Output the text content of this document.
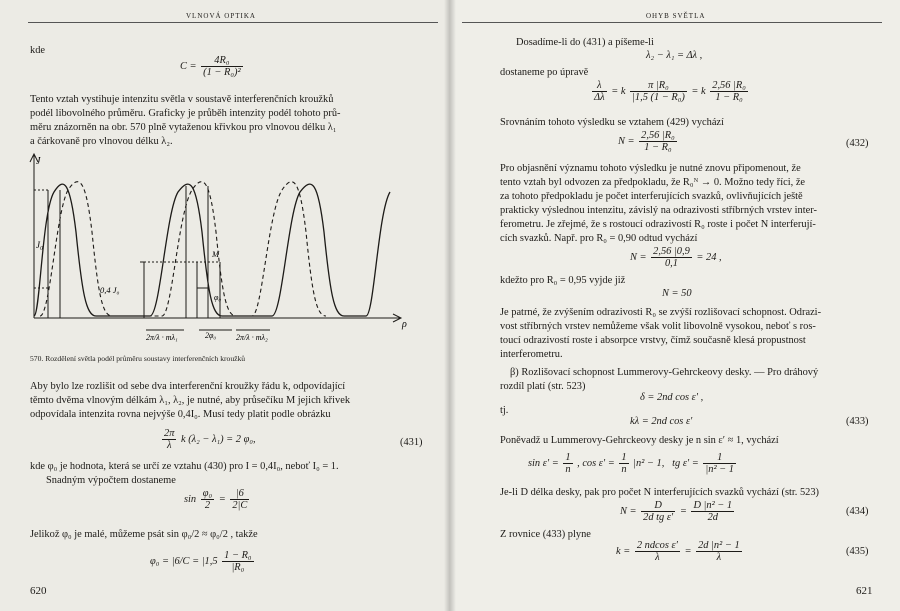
VLNOVÁ OPTIKA
kde
$C = \frac{\text{4R₀}}{\text{(1 − R₀)²}}$
Tento vztah vystihuje intenzitu světla v soustavě interferenčních kroužků
podél libovolného průměru. Graficky je průběh intenzity podél tohoto prů-
měru znázorněn na obr. 570 plně vytaženou křivkou pro vlnovou délku λ₁
a čárkovaně pro vlnovou délku λ₂.
J
ρ
J₀
0,4 J₀
M
φ₀
2π/λ · mλ₁	2φ₀ 2π/λ · mλ₂
570. Rozdělení světla podél průměru soustavy interferenčních kroužků
Aby bylo lze rozlišit od sebe dva interferenční kroužky řádu k, odpovídající
těmto dvěma vlnovým délkám λ₁, λ₂, je nutné, aby průsečíku M jejich křivek
odpovídala intenzita rovna nejvýše 0,4I₀. Musí tedy platit podle obrázku
$\frac{2\pi}{\lambda}$ k (λ₂ − λ₁) = 2 φ₀,	(431)
kde φ₀ je hodnota, která se určí ze vztahu (430) pro I = 0,4I₀, neboť I₀ = 1.
Snadným výpočtem dostaneme
$\sin \frac{\text{φ₀}}{2} = \frac{|6}{2|C}$
Jelikož φ₀ je malé, můžeme psát sin φ₀/2 ≈ φ₀/2 , takže
$\varphi_0 = |6/C = |1,5 \frac{\text{1 − R₀}}{\text{|R₀}}$
620
OHYB SVĚTLA
Dosadíme-li do (431) a píšeme-li
λ₂ − λ₁ = Δλ ,
dostaneme po úpravě
$\frac{\lambda}{\Delta\lambda} = k \frac{\text{π |R₀}}{\text{|1,5 (1 − R₀)}} = k \frac{\text{2,56 |R₀}}{\text{1 − R₀}}$
Srovnáním tohoto výsledku se vztahem (429) vychází
$N = \frac{\text{2,56 |R₀}}{\text{1 − R₀}}$	(432)
Pro objasnění významu tohoto výsledku je nutné znovu připomenout, že
tento vztah byl odvozen za předpokladu, že R₀ᴺ → 0. Možno tedy říci, že
za tohoto předpokladu je počet interferujících svazků, ovlivňujících ještě
prakticky výslednou intenzitu, závislý na odrazivosti stříbrných vrstev inter-
ferometru. Je zřejmé, že s rostoucí odrazivostí R₀ roste i počet N interferují-
cích svazků. Např. pro R₀ = 0,90 odtud vychází
$N = \frac{2,56 |0,9}{0,1} = 24$ ,
kdežto pro R₀ = 0,95 vyjde již
N = 50
Je patrné, že zvýšením odrazivosti R₀ se zvýší rozlišovací schopnost. Odrazi-
vost stříbrných vrstev nemůžeme však volit libovolně vysokou, neboť s ros-
toucí odrazivostí roste i absorpce vrstvy, čímž současně klesá propustnost
interferometru.
β) Rozlišovací schopnost Lummerovy-Gehrckeovy desky. — Pro dráhový
rozdíl platí (str. 523)
δ = 2nd cos ε′ ,
tj.
kλ = 2nd cos ε′	(433)
Poněvadž u Lummerovy-Gehrckeovy desky je n sin ε′ ≈ 1, vychází
$\sin \varepsilon' = \frac{1}{n}$ , $\cos \varepsilon' = \frac{1}{n} |n^2 - 1$, tg $\varepsilon' = \frac{1}{\text{|n² − 1}}$
Je-li D délka desky, pak pro počet N interferujících svazků vychází (str. 523)
$N = \frac{D}{\text{2d tg ε′}} = \frac{\text{D |n² − 1}}{2d}$	(434)
Z rovnice (433) plyne
$k = \frac{\text{2 ndcos ε′}}{\lambda} = \frac{\text{2d |n² − 1}}{\lambda}$	(435)
621
